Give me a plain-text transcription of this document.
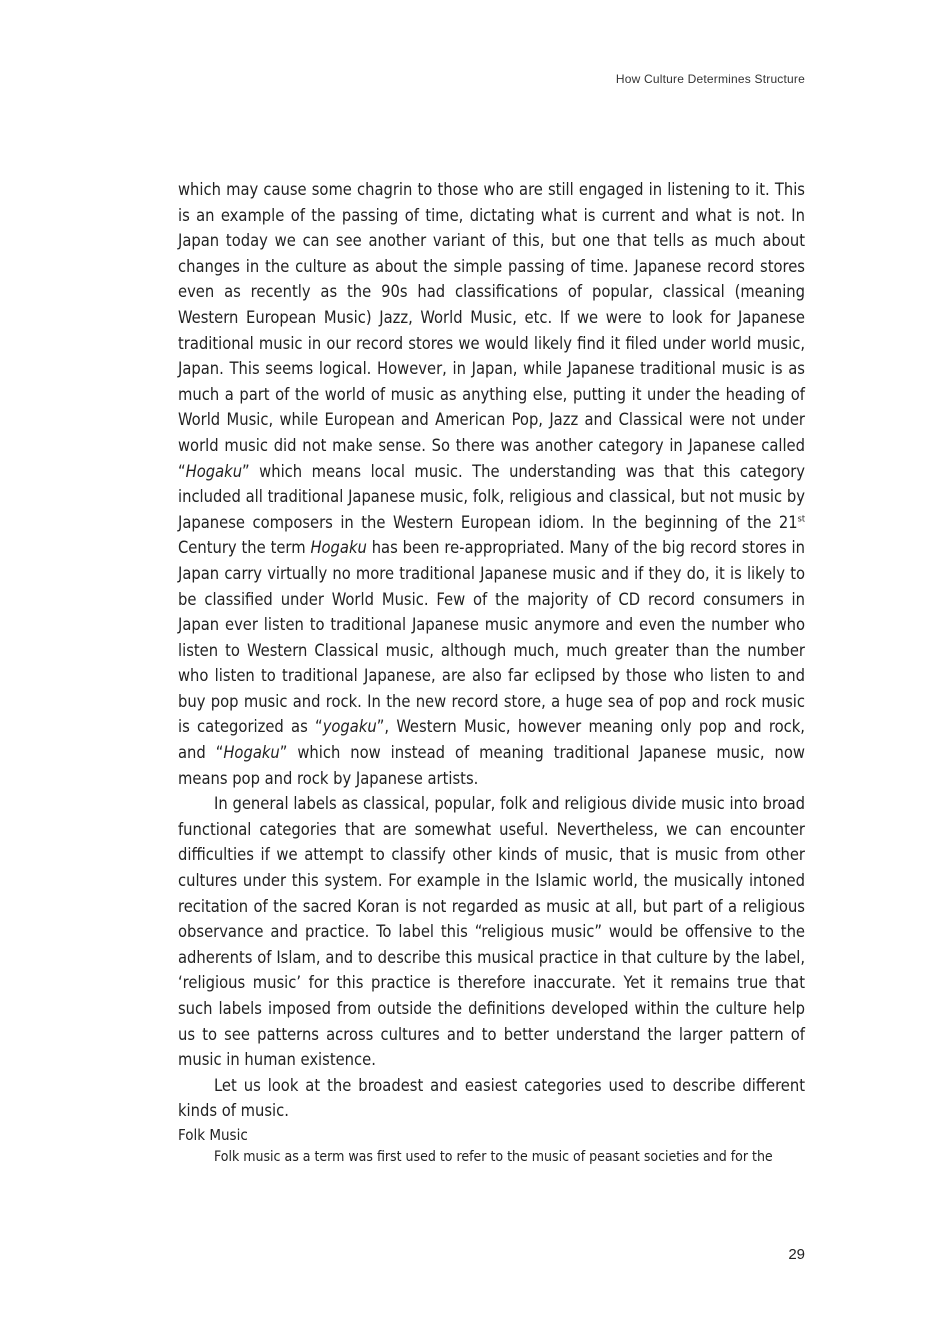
How Culture Determines Structure

which may cause some chagrin to those who are still engaged in listening to it. This is an example of the passing of time, dictating what is current and what is not. In Japan today we can see another variant of this, but one that tells as much about changes in the culture as about the simple passing of time. Japanese record stores even as recently as the 90s had classifications of popular, classical (meaning Western European Music) Jazz, World Music, etc. If we were to look for Japanese traditional music in our record stores we would likely find it filed under world music, Japan. This seems logical. However, in Japan, while Japanese traditional music is as much a part of the world of music as anything else, putting it under the heading of World Music, while European and American Pop, Jazz and Classical were not under world music did not make sense. So there was another category in Japanese called “Hogaku” which means local music. The understanding was that this category included all traditional Japanese music, folk, religious and classical, but not music by Japanese composers in the Western European idiom. In the beginning of the 21st Century the term Hogaku has been re-appropriated. Many of the big record stores in Japan carry virtually no more traditional Japanese music and if they do, it is likely to be classified under World Music. Few of the majority of CD record consumers in Japan ever listen to traditional Japanese music anymore and even the number who listen to Western Classical music, although much, much greater than the number who listen to traditional Japanese, are also far eclipsed by those who listen to and buy pop music and rock. In the new record store, a huge sea of pop and rock music is categorized as “yogaku”, Western Music, however meaning only pop and rock, and “Hogaku” which now instead of meaning traditional Japanese music, now means pop and rock by Japanese artists.

In general labels as classical, popular, folk and religious divide music into broad functional categories that are somewhat useful. Nevertheless, we can encounter difficulties if we attempt to classify other kinds of music, that is music from other cultures under this system. For example in the Islamic world, the musically intoned recitation of the sacred Koran is not regarded as music at all, but part of a religious observance and practice. To label this “religious music” would be offensive to the adherents of Islam, and to describe this musical practice in that culture by the label, ‘religious music’ for this practice is therefore inaccurate. Yet it remains true that such labels imposed from outside the definitions developed within the culture help us to see patterns across cultures and to better understand the larger pattern of music in human existence.

Let us look at the broadest and easiest categories used to describe different kinds of music.

Folk Music

Folk music as a term was first used to refer to the music of peasant societies and for the

29
